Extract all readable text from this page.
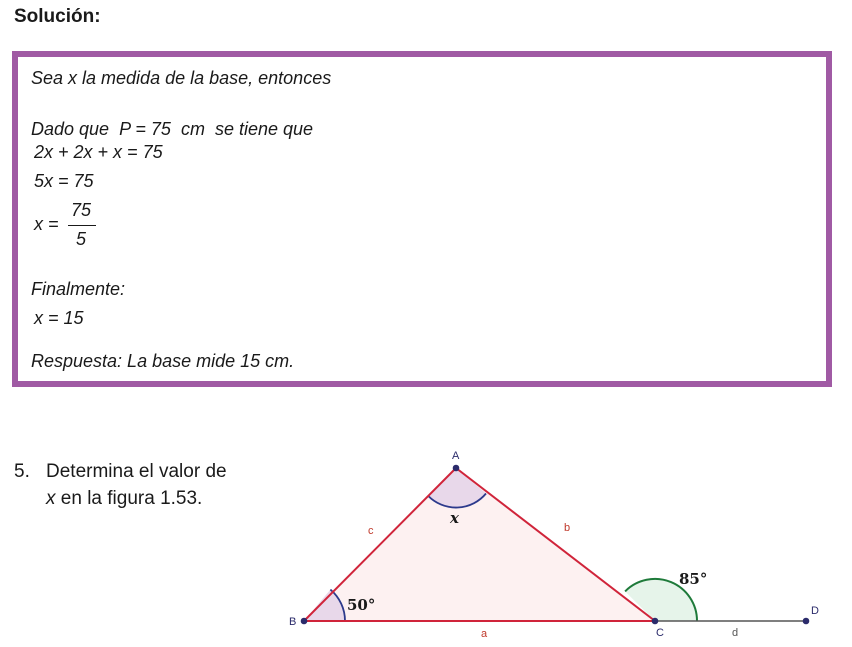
Solución:
Sea x la medida de la base, entonces
Dado que  P = 75  cm  se tiene que
2x + 2x + x = 75
5x = 75
x =
75
5
Finalmente:
x = 15
Respuesta: La base mide 15 cm.
5. Determina el valor de
x en la figura 1.53.
A
B
C
D
a
b
c
d
50°
85°
x
